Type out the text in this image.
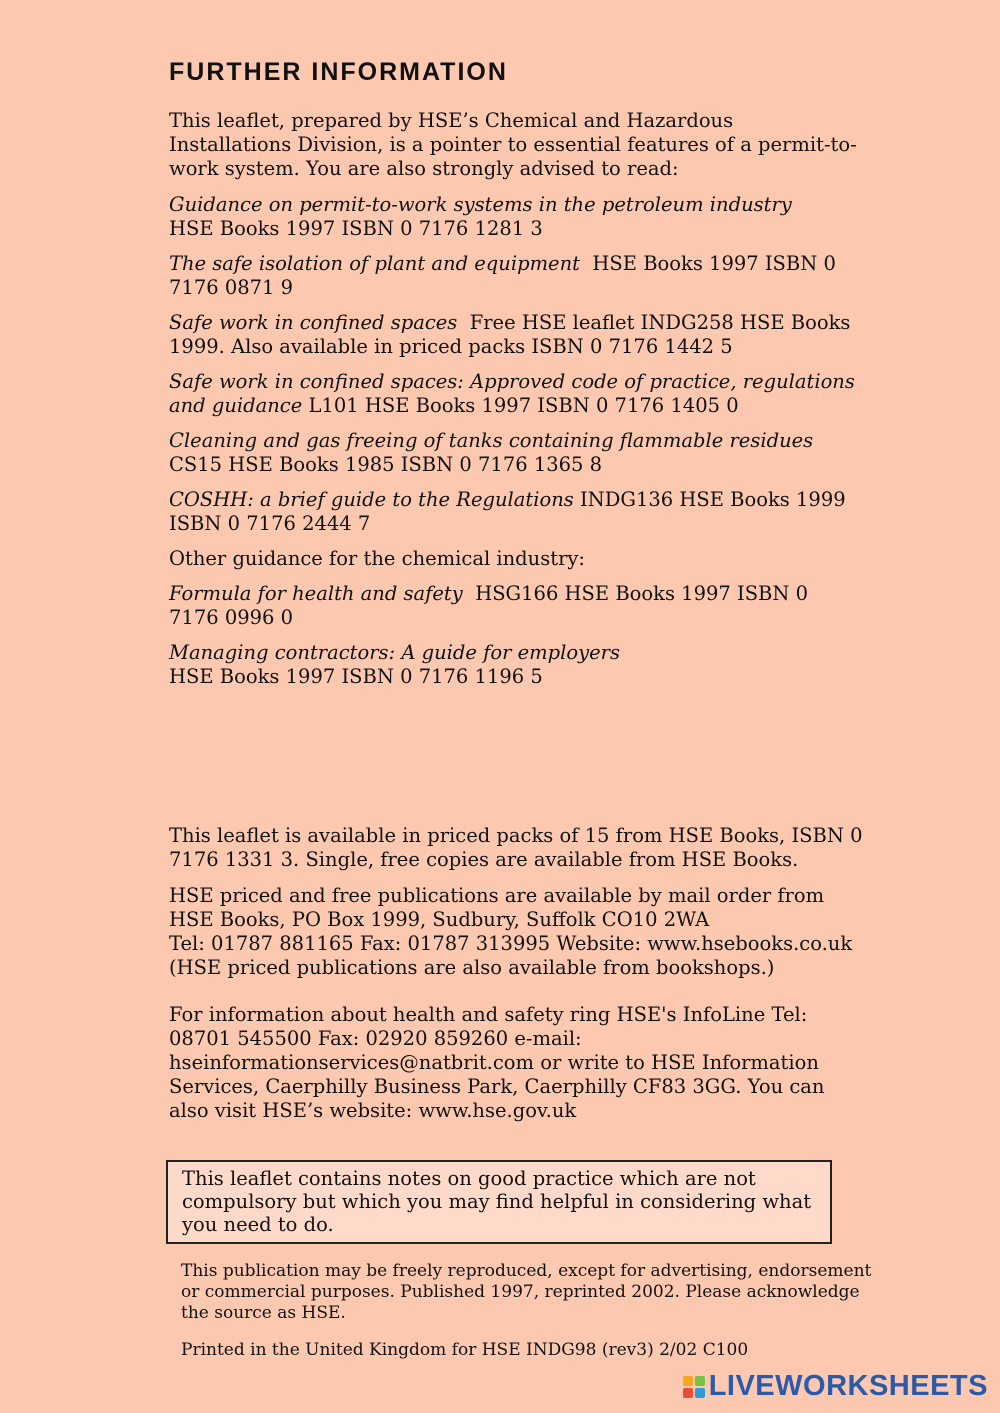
FURTHER INFORMATION

This leaflet, prepared by HSE’s Chemical and Hazardous Installations Division, is a pointer to essential features of a permit-to-work system. You are also strongly advised to read:

Guidance on permit-to-work systems in the petroleum industry
HSE Books 1997 ISBN 0 7176 1281 3

The safe isolation of plant and equipment HSE Books 1997 ISBN 0 7176 0871 9

Safe work in confined spaces Free HSE leaflet INDG258 HSE Books 1999. Also available in priced packs ISBN 0 7176 1442 5

Safe work in confined spaces: Approved code of practice, regulations and guidance L101 HSE Books 1997 ISBN 0 7176 1405 0

Cleaning and gas freeing of tanks containing flammable residues
CS15 HSE Books 1985 ISBN 0 7176 1365 8

COSHH: a brief guide to the Regulations INDG136 HSE Books 1999 ISBN 0 7176 2444 7

Other guidance for the chemical industry:

Formula for health and safety HSG166 HSE Books 1997 ISBN 0 7176 0996 0

Managing contractors: A guide for employers
HSE Books 1997 ISBN 0 7176 1196 5

This leaflet is available in priced packs of 15 from HSE Books, ISBN 0 7176 1331 3. Single, free copies are available from HSE Books.

HSE priced and free publications are available by mail order from
HSE Books, PO Box 1999, Sudbury, Suffolk CO10 2WA
Tel: 01787 881165 Fax: 01787 313995 Website: www.hsebooks.co.uk
(HSE priced publications are also available from bookshops.)

For information about health and safety ring HSE's InfoLine Tel: 08701 545500 Fax: 02920 859260 e-mail: hseinformationservices@natbrit.com or write to HSE Information Services, Caerphilly Business Park, Caerphilly CF83 3GG. You can also visit HSE’s website: www.hse.gov.uk

This leaflet contains notes on good practice which are not compulsory but which you may find helpful in considering what you need to do.

This publication may be freely reproduced, except for advertising, endorsement or commercial purposes. Published 1997, reprinted 2002. Please acknowledge the source as HSE.

Printed in the United Kingdom for HSE INDG98 (rev3) 2/02 C100

LIVEWORKSHEETS
